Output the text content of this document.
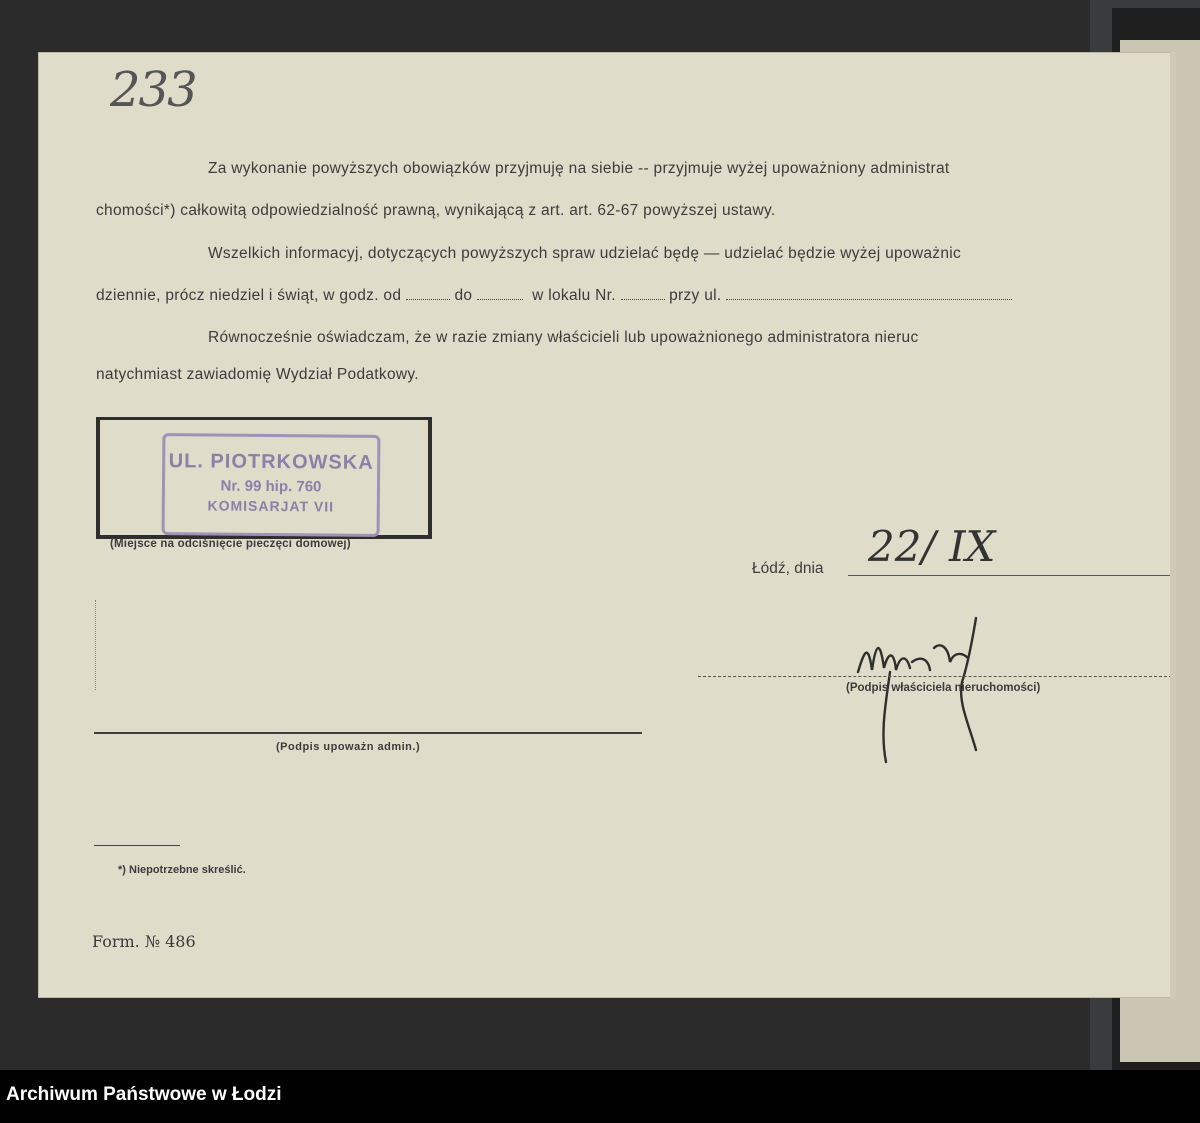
233
Za wykonanie powyższych obowiązków przyjmuję na siebie -- przyjmuje wyżej upoważniony administrat
chomości*) całkowitą odpowiedzialność prawną, wynikającą z art. art. 62-67 powyższej ustawy.
Wszelkich informacyj, dotyczących powyższych spraw udzielać będę — udzielać będzie wyżej upoważnic
dziennie, prócz niedziel i świąt, w godz. od	do	w lokalu Nr.	przy ul.
Równocześnie oświadczam, że w razie zmiany właścicieli lub upoważnionego administratora nieruc
natychmiast zawiadomię Wydział Podatkowy.
UL. PIOTRKOWSKA
Nr. 99 hip. 760
KOMISARJAT VII
(Miejsce na odciśnięcie pieczęci domowej)
Łódź, dnia 22/ IX
(Podpis właściciela nieruchomości)
(Podpis upoważn admin.)
*) Niepotrzebne skreślić.
Form. № 486
Archiwum Państwowe w Łodzi
